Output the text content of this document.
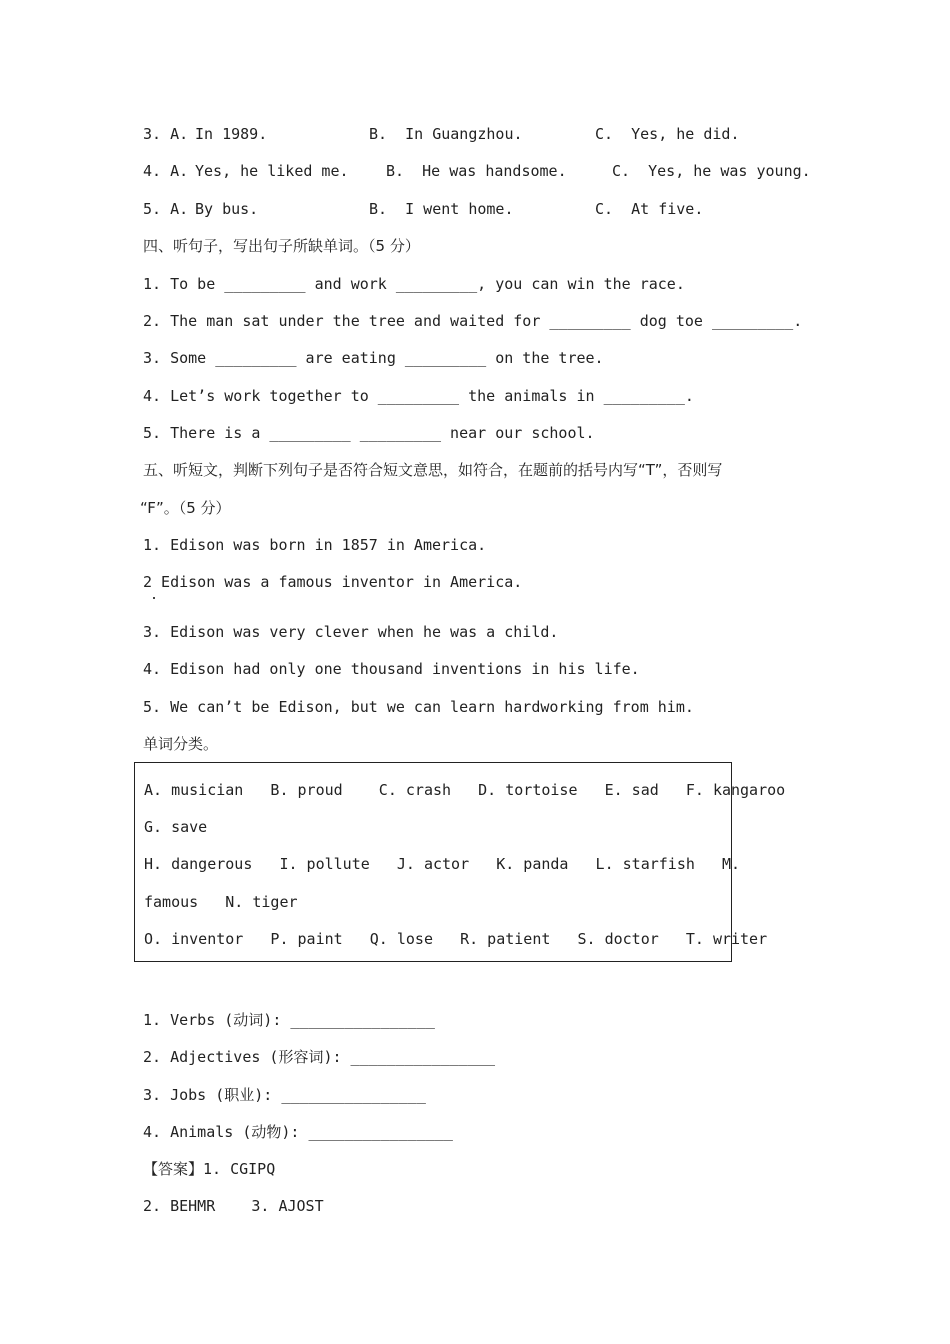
3. A. In 1989.	B.  In Guangzhou.	C.  Yes, he did.
4. A. Yes, he liked me. B.  He was handsome.	C.  Yes, he was young.
5. A. By bus.	B.  I went home.	C.  At five.
四、听句子，写出句子所缺单词。（5 分）
1. To be _________ and work _________, you can win the race.
2. The man sat under the tree and waited for _________ dog toe _________.
3. Some _________ are eating _________ on the tree.
4. Let’s work together to _________ the animals in _________.
5. There is a _________ _________ near our school.
五、听短文，判断下列句子是否符合短文意思，如符合，在题前的括号内写“T”，否则写
“F”。（5 分）
1. Edison was born in 1857 in America.
2 Edison was a famous inventor in America.
3. Edison was very clever when he was a child.
4. Edison had only one thousand inventions in his life.
5. We can’t be Edison, but we can learn hardworking from him.
单词分类。
A. musician   B. proud    C. crash   D. tortoise   E. sad   F. kangaroo
G. save
H. dangerous   I. pollute   J. actor   K. panda   L. starfish   M.
famous   N. tiger
O. inventor   P. paint   Q. lose   R. patient   S. doctor   T. writer
1. Verbs (动词): ________________
2. Adjectives (形容词): ________________
3. Jobs (职业): ________________
4. Animals (动物): ________________
【答案】1. CGIPQ
2. BEHMR    3. AJOST
